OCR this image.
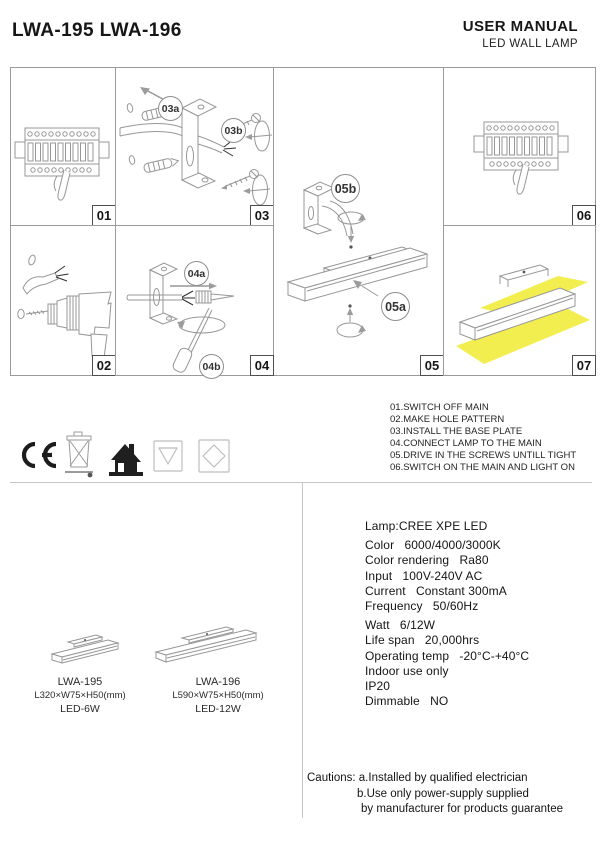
LWA-195 LWA-196	USER MANUAL
LED WALL LAMP
01
03a
03b
03
05b
05a
05
06
02
04a
04b	04	07
01.SWITCH OFF MAIN
02.MAKE HOLE PATTERN
03.INSTALL THE BASE PLATE
04.CONNECT LAMP TO THE MAIN
05.DRIVE IN THE SCREWS UNTILL TIGHT
06.SWITCH ON THE MAIN AND LIGHT ON
LWA-195
L320×W75×H50(mm)
LED-6W
LWA-196
L590×W75×H50(mm)
LED-12W
Lamp:CREE XPE LED
Color   6000/4000/3000K
Color rendering   Ra80
Input   100V-240V AC
Current   Constant 300mA
Frequency   50/60Hz
Watt   6/12W
Life span   20,000hrs
Operating temp   -20°C-+40°C
Indoor use only
IP20
Dimmable   NO
Cautions: a.Installed by qualified electrician
b.Use only power-supply supplied
by manufacturer for products guarantee
